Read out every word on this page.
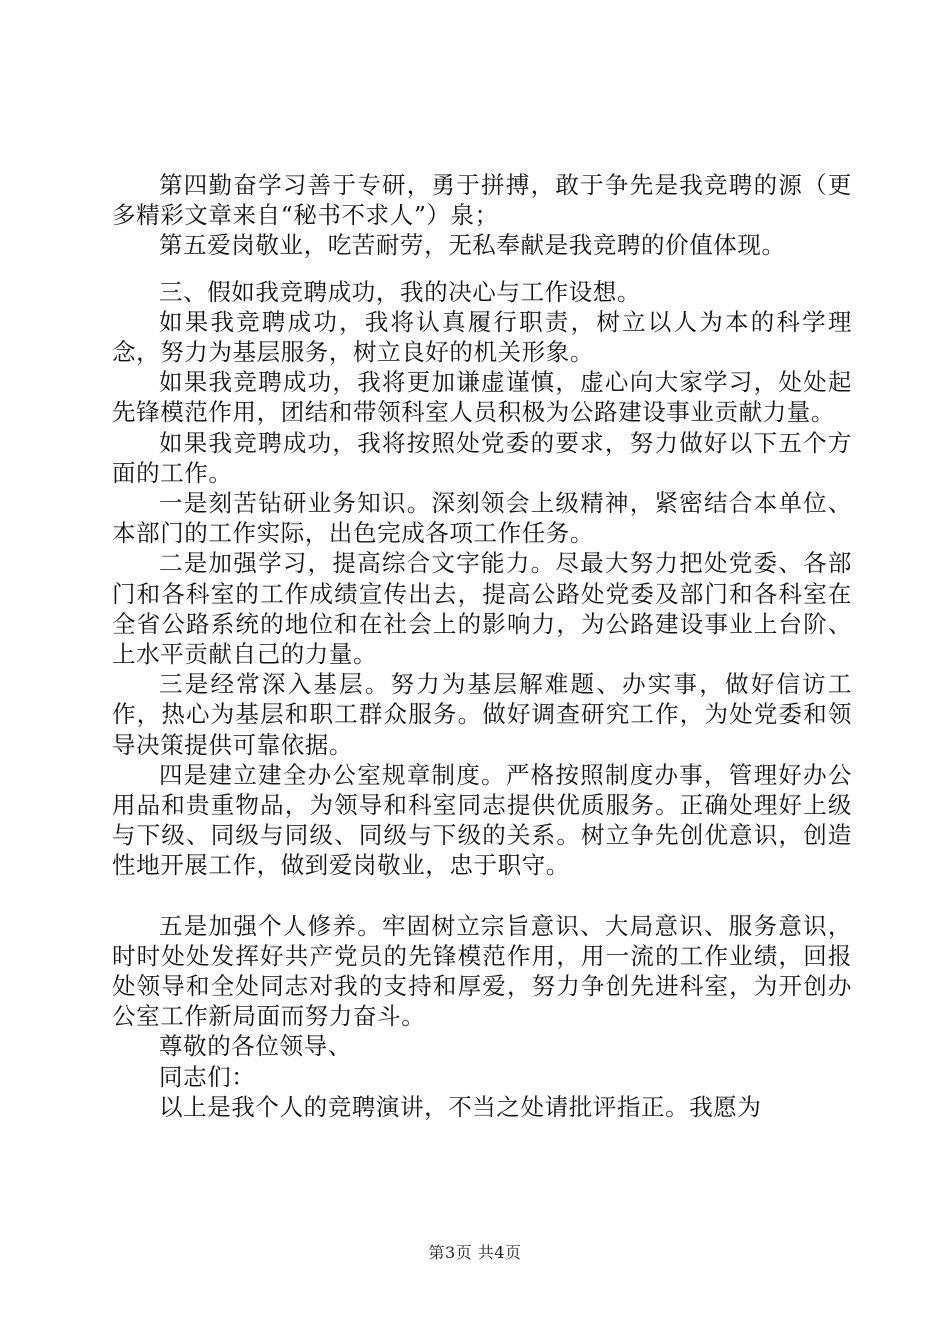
第四勤奋学习善于专研，勇于拼搏，敢于争先是我竞聘的源（更多精彩文章来自“秘书不求人”）泉；

第五爱岗敬业，吃苦耐劳，无私奉献是我竞聘的价值体现。

三、假如我竞聘成功，我的决心与工作设想。

如果我竞聘成功，我将认真履行职责，树立以人为本的科学理念，努力为基层服务，树立良好的机关形象。

如果我竞聘成功，我将更加谦虚谨慎，虚心向大家学习，处处起先锋模范作用，团结和带领科室人员积极为公路建设事业贡献力量。

如果我竞聘成功，我将按照处党委的要求，努力做好以下五个方面的工作。

一是刻苦钻研业务知识。深刻领会上级精神，紧密结合本单位、本部门的工作实际，出色完成各项工作任务。

二是加强学习，提高综合文字能力。尽最大努力把处党委、各部门和各科室的工作成绩宣传出去，提高公路处党委及部门和各科室在全省公路系统的地位和在社会上的影响力，为公路建设事业上台阶、上水平贡献自己的力量。

三是经常深入基层。努力为基层解难题、办实事，做好信访工作，热心为基层和职工群众服务。做好调查研究工作，为处党委和领导决策提供可靠依据。

四是建立建全办公室规章制度。严格按照制度办事，管理好办公用品和贵重物品，为领导和科室同志提供优质服务。正确处理好上级与下级、同级与同级、同级与下级的关系。树立争先创优意识，创造性地开展工作，做到爱岗敬业，忠于职守。

五是加强个人修养。牢固树立宗旨意识、大局意识、服务意识，时时处处发挥好共产党员的先锋模范作用，用一流的工作业绩，回报处领导和全处同志对我的支持和厚爱，努力争创先进科室，为开创办公室工作新局面而努力奋斗。

尊敬的各位领导、

同志们：

以上是我个人的竞聘演讲，不当之处请批评指正。我愿为

第3页 共4页
